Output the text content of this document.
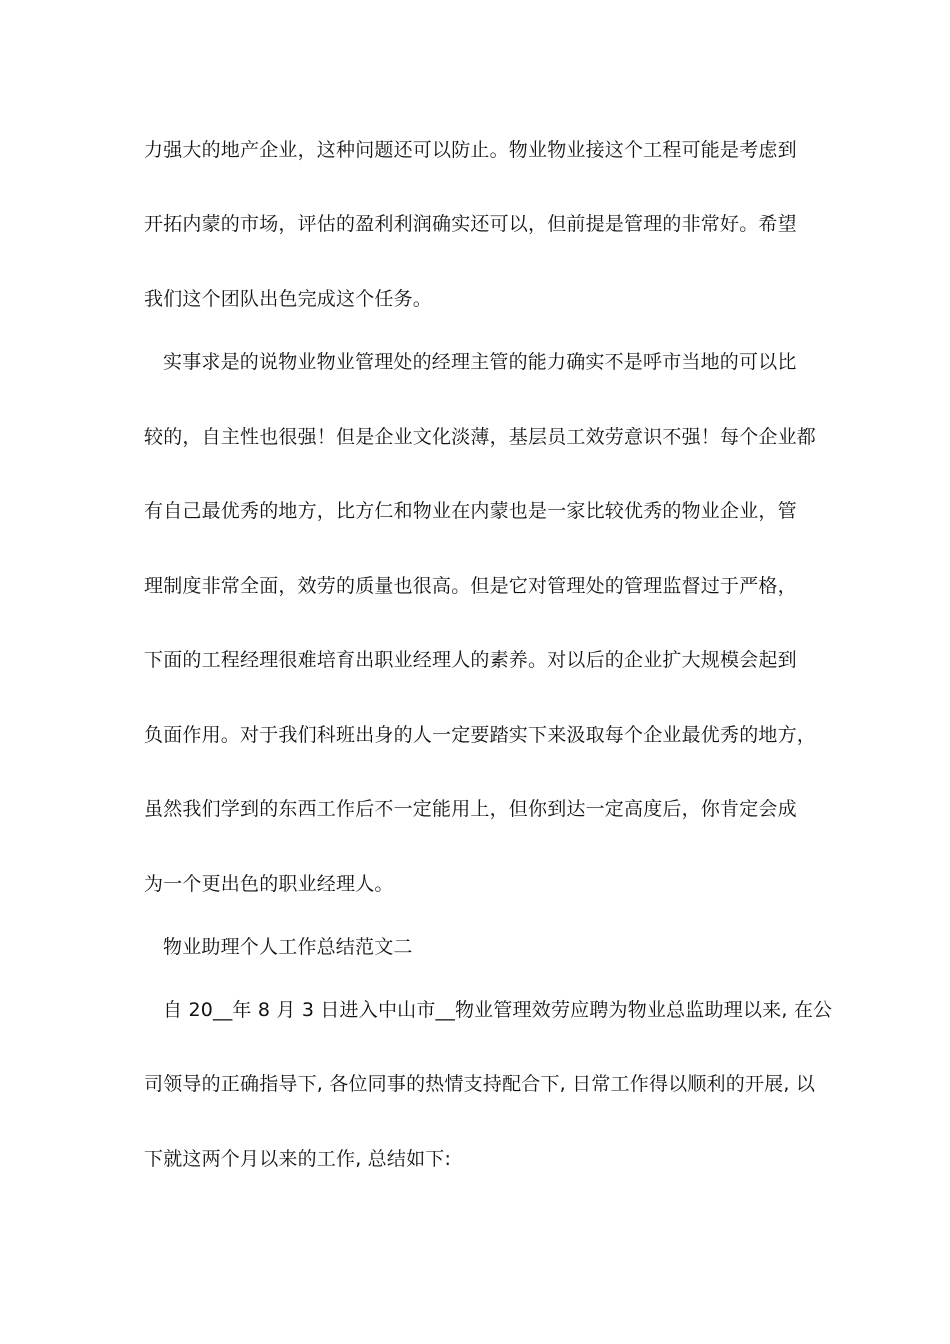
力强大的地产企业，这种问题还可以防止。物业物业接这个工程可能是考虑到
开拓内蒙的市场，评估的盈利利润确实还可以，但前提是管理的非常好。希望
我们这个团队出色完成这个任务。
实事求是的说物业物业管理处的经理主管的能力确实不是呼市当地的可以比
较的，自主性也很强！但是企业文化淡薄，基层员工效劳意识不强！每个企业都
有自己最优秀的地方，比方仁和物业在内蒙也是一家比较优秀的物业企业，管
理制度非常全面，效劳的质量也很高。但是它对管理处的管理监督过于严格，
下面的工程经理很难培育出职业经理人的素养。对以后的企业扩大规模会起到
负面作用。对于我们科班出身的人一定要踏实下来汲取每个企业最优秀的地方，
虽然我们学到的东西工作后不一定能用上，但你到达一定高度后，你肯定会成
为一个更出色的职业经理人。
物业助理个人工作总结范文二
自 20__年 8 月 3 日进入中山市__物业管理效劳应聘为物业总监助理以来, 在公
司领导的正确指导下, 各位同事的热情支持配合下, 日常工作得以顺利的开展, 以
下就这两个月以来的工作, 总结如下:
